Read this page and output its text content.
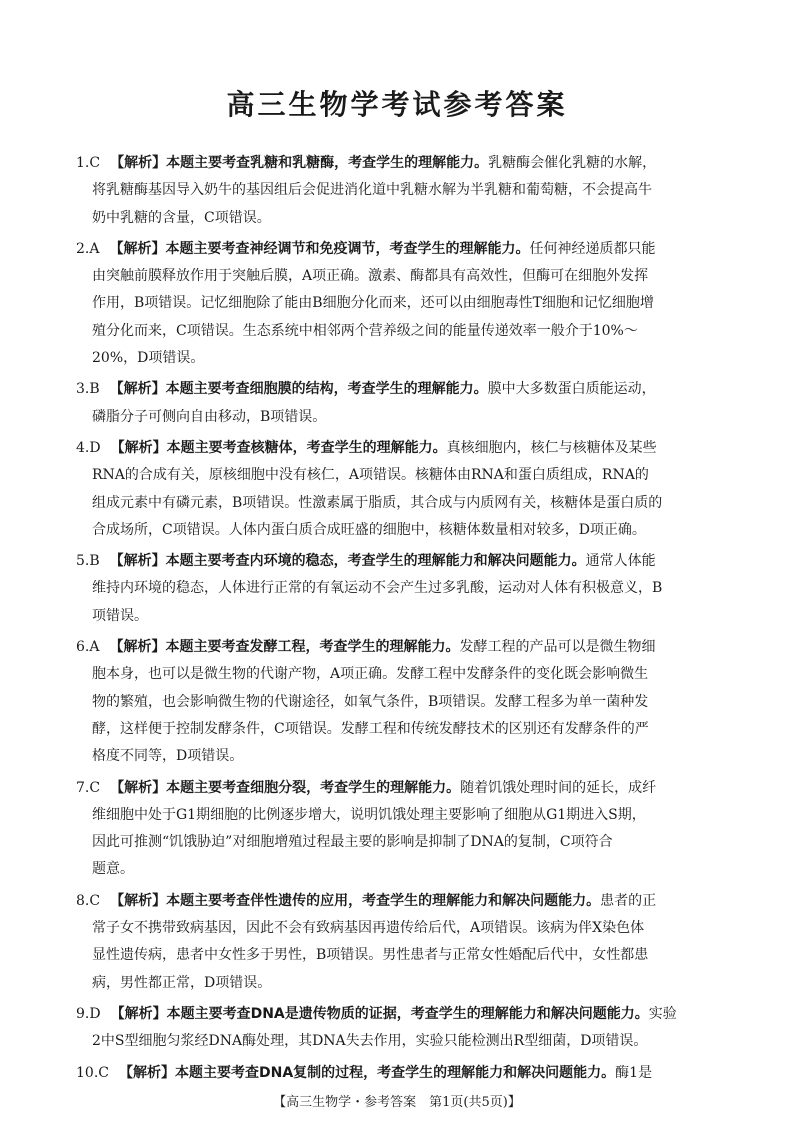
高三生物学考试参考答案
1.C 【解析】本题主要考查乳糖和乳糖酶，考查学生的理解能力。乳糖酶会催化乳糖的水解，
将乳糖酶基因导入奶牛的基因组后会促进消化道中乳糖水解为半乳糖和葡萄糖，不会提高牛
奶中乳糖的含量，C项错误。
2.A 【解析】本题主要考查神经调节和免疫调节，考查学生的理解能力。任何神经递质都只能
由突触前膜释放作用于突触后膜，A项正确。激素、酶都具有高效性，但酶可在细胞外发挥
作用，B项错误。记忆细胞除了能由B细胞分化而来，还可以由细胞毒性T细胞和记忆细胞增
殖分化而来，C项错误。生态系统中相邻两个营养级之间的能量传递效率一般介于10%～
20%，D项错误。
3.B 【解析】本题主要考查细胞膜的结构，考查学生的理解能力。膜中大多数蛋白质能运动，
磷脂分子可侧向自由移动，B项错误。
4.D 【解析】本题主要考查核糖体，考查学生的理解能力。真核细胞内，核仁与核糖体及某些
RNA的合成有关，原核细胞中没有核仁，A项错误。核糖体由RNA和蛋白质组成，RNA的
组成元素中有磷元素，B项错误。性激素属于脂质，其合成与内质网有关，核糖体是蛋白质的
合成场所，C项错误。人体内蛋白质合成旺盛的细胞中，核糖体数量相对较多，D项正确。
5.B 【解析】本题主要考查内环境的稳态，考查学生的理解能力和解决问题能力。通常人体能
维持内环境的稳态，人体进行正常的有氧运动不会产生过多乳酸，运动对人体有积极意义，B
项错误。
6.A 【解析】本题主要考查发酵工程，考查学生的理解能力。发酵工程的产品可以是微生物细
胞本身，也可以是微生物的代谢产物，A项正确。发酵工程中发酵条件的变化既会影响微生
物的繁殖，也会影响微生物的代谢途径，如氧气条件，B项错误。发酵工程多为单一菌种发
酵，这样便于控制发酵条件，C项错误。发酵工程和传统发酵技术的区别还有发酵条件的严
格度不同等，D项错误。
7.C 【解析】本题主要考查细胞分裂，考查学生的理解能力。随着饥饿处理时间的延长，成纤
维细胞中处于G1期细胞的比例逐步增大，说明饥饿处理主要影响了细胞从G1期进入S期，
因此可推测“饥饿胁迫”对细胞增殖过程最主要的影响是抑制了DNA的复制，C项符合
题意。
8.C 【解析】本题主要考查伴性遗传的应用，考查学生的理解能力和解决问题能力。患者的正
常子女不携带致病基因，因此不会有致病基因再遗传给后代，A项错误。该病为伴X染色体
显性遗传病，患者中女性多于男性，B项错误。男性患者与正常女性婚配后代中，女性都患
病，男性都正常，D项错误。
9.D 【解析】本题主要考查DNA是遗传物质的证据，考查学生的理解能力和解决问题能力。实验
2中S型细胞匀浆经DNA酶处理，其DNA失去作用，实验只能检测出R型细菌，D项错误。
10.C 【解析】本题主要考查DNA复制的过程，考查学生的理解能力和解决问题能力。酶1是
【高三生物学・参考答案　第1页(共5页)】
